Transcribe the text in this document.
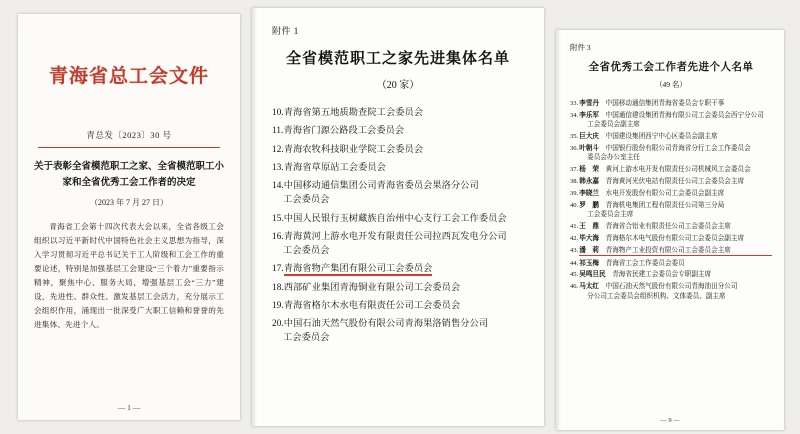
青海省总工会文件
青总发〔2023〕30 号
关于表彰全省模范职工之家、全省模范职工小家和全省优秀工会工作者的决定
（2023 年 7 月 27 日）
青海省工会第十四次代表大会以来，全省各级工会组织以习近平新时代中国特色社会主义思想为指导，深入学习贯彻习近平总书记关于工人阶级和工会工作的重要论述，特别是加强基层工会建设“三个着力”重要指示精神，聚焦中心、服务大局，增强基层工会“三力”建设，先进性、群众性、激发基层工会活力，充分展示工会组织作用，涌现出一批深受广大职工信赖和誉誉的先进集体、先进个人。
— 1 —
附件 1
全省模范职工之家先进集体名单
（20 家）
10.青海省第五地质勘查院工会委员会
11.青海省门源公路段工会委员会
12.青海农牧科技职业学院工会委员会
13.青海省草原站工会委员会
14.中国移动通信集团公司青海省委员会果洛分公司
工会委员会
15.中国人民银行玉树藏族自治州中心支行工会工作委员会
16.青海黄河上游水电开发有限责任公司拉西瓦发电分公司
工会委员会
17.青海省物产集团有限公司工会委员会
18.西部矿业集团青海铜业有限公司工会委员会
19.青海省格尔木水电有限责任公司工会委员会
20.中国石油天然气股份有限公司青海果洛销售分公司
工会委员会
附件 3
全省优秀工会工作者先进个人名单
（49 名）
33. 李雪丹　中国移动通信集团青海省委员会专职干事
34. 李乐军　中国通信建设集团青海有限公司工会委员会西宁分公司
工会委员会副主席
35. 巨大庆　中国建设集团西宁中心区委员会副主席
36. 叶朝斗　中国银行股份有限公司青海省分行工会工作委员会
委员会办公室主任
37. 杨　荣　黄河上游水电开发有限责任公司机械风工会委员会
38. 韩永嘉　青海黄河光伏电站有限责任公司工会委员会主席
39. 李晓兰　水电开发股份有限公司工会委员会副主席
40. 罗　鹏　青海机电集团工程有限责任公司第三分局
工会委员会主席
41. 王　鼎　青海省合铝业有限责任公司工会委员会主席
42. 毕大海　青海格尔木电气股份有限公司工会委员会副主席
43. 潘　莉　青海物产工业投资有限公司工会委员会主席
44. 祁玉梅　青海省工会工作委员会委员
45. 吴鸣旦民　青海省民建工会委员会专职副主席
46. 马太红　中国石油天然气股份有限公司青海油田分公司
分公司工会委员会组织机构、文体委员、副主席
— 9 —
